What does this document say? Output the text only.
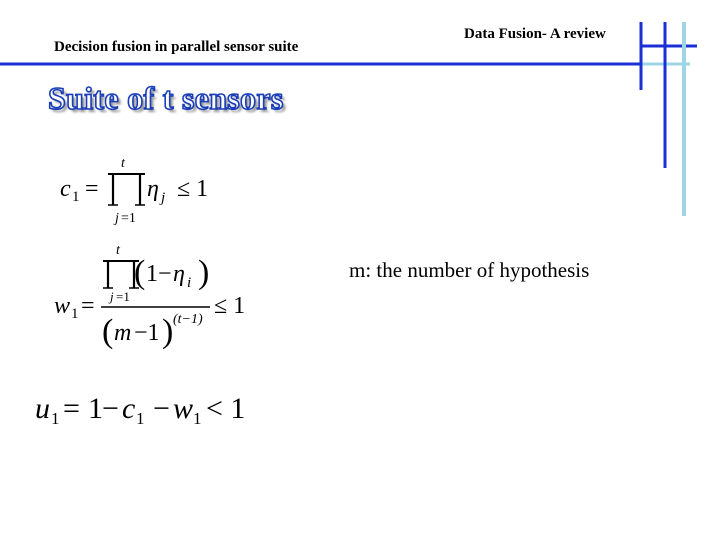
Decision fusion in parallel sensor suite
Data Fusion- A review
Suite of t sensors
m: the number of hypothesis
c 1 =
t
j =1
η j ≤ 1
w 1 =
t
j =1
( 1 − η i )
( m −1 ) (t−1)
≤ 1
u 1 = 1 − c 1 − w 1 < 1
